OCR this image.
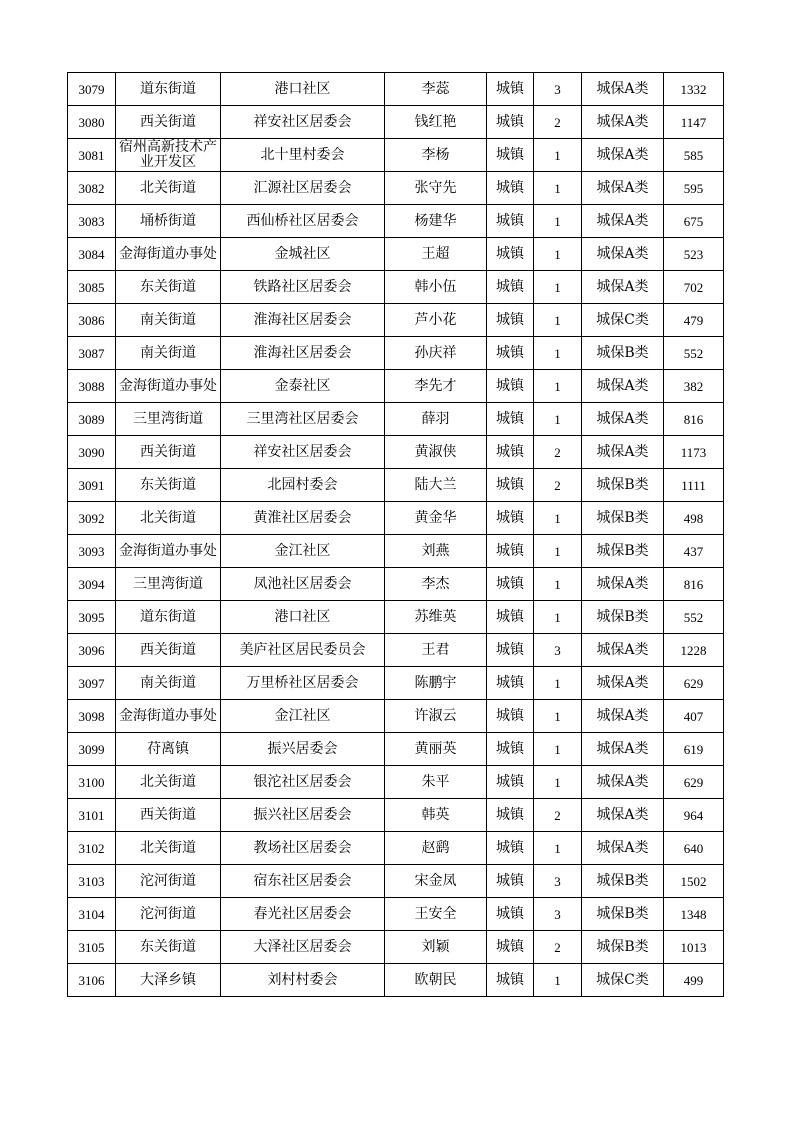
3079	道东街道	港口社区	李蕊	城镇	3	城保A类	1332
3080	西关街道	祥安社区居委会	钱红艳	城镇	2	城保A类	1147
3081	宿州高新技术产业开发区	北十里村委会	李杨	城镇	1	城保A类	585
3082	北关街道	汇源社区居委会	张守先	城镇	1	城保A类	595
3083	埇桥街道	西仙桥社区居委会	杨建华	城镇	1	城保A类	675
3084	金海街道办事处	金城社区	王超	城镇	1	城保A类	523
3085	东关街道	铁路社区居委会	韩小伍	城镇	1	城保A类	702
3086	南关街道	淮海社区居委会	芦小花	城镇	1	城保C类	479
3087	南关街道	淮海社区居委会	孙庆祥	城镇	1	城保B类	552
3088	金海街道办事处	金泰社区	李先才	城镇	1	城保A类	382
3089	三里湾街道	三里湾社区居委会	薛羽	城镇	1	城保A类	816
3090	西关街道	祥安社区居委会	黄淑侠	城镇	2	城保A类	1173
3091	东关街道	北园村委会	陆大兰	城镇	2	城保B类	1111
3092	北关街道	黄淮社区居委会	黄金华	城镇	1	城保B类	498
3093	金海街道办事处	金江社区	刘燕	城镇	1	城保B类	437
3094	三里湾街道	凤池社区居委会	李杰	城镇	1	城保A类	816
3095	道东街道	港口社区	苏维英	城镇	1	城保B类	552
3096	西关街道	美庐社区居民委员会	王君	城镇	3	城保A类	1228
3097	南关街道	万里桥社区居委会	陈鹏宇	城镇	1	城保A类	629
3098	金海街道办事处	金江社区	许淑云	城镇	1	城保A类	407
3099	苻离镇	振兴居委会	黄丽英	城镇	1	城保A类	619
3100	北关街道	银沱社区居委会	朱平	城镇	1	城保A类	629
3101	西关街道	振兴社区居委会	韩英	城镇	2	城保A类	964
3102	北关街道	教场社区居委会	赵鹞	城镇	1	城保A类	640
3103	沱河街道	宿东社区居委会	宋金凤	城镇	3	城保B类	1502
3104	沱河街道	春光社区居委会	王安全	城镇	3	城保B类	1348
3105	东关街道	大泽社区居委会	刘颖	城镇	2	城保B类	1013
3106	大泽乡镇	刘村村委会	欧朝民	城镇	1	城保C类	499
